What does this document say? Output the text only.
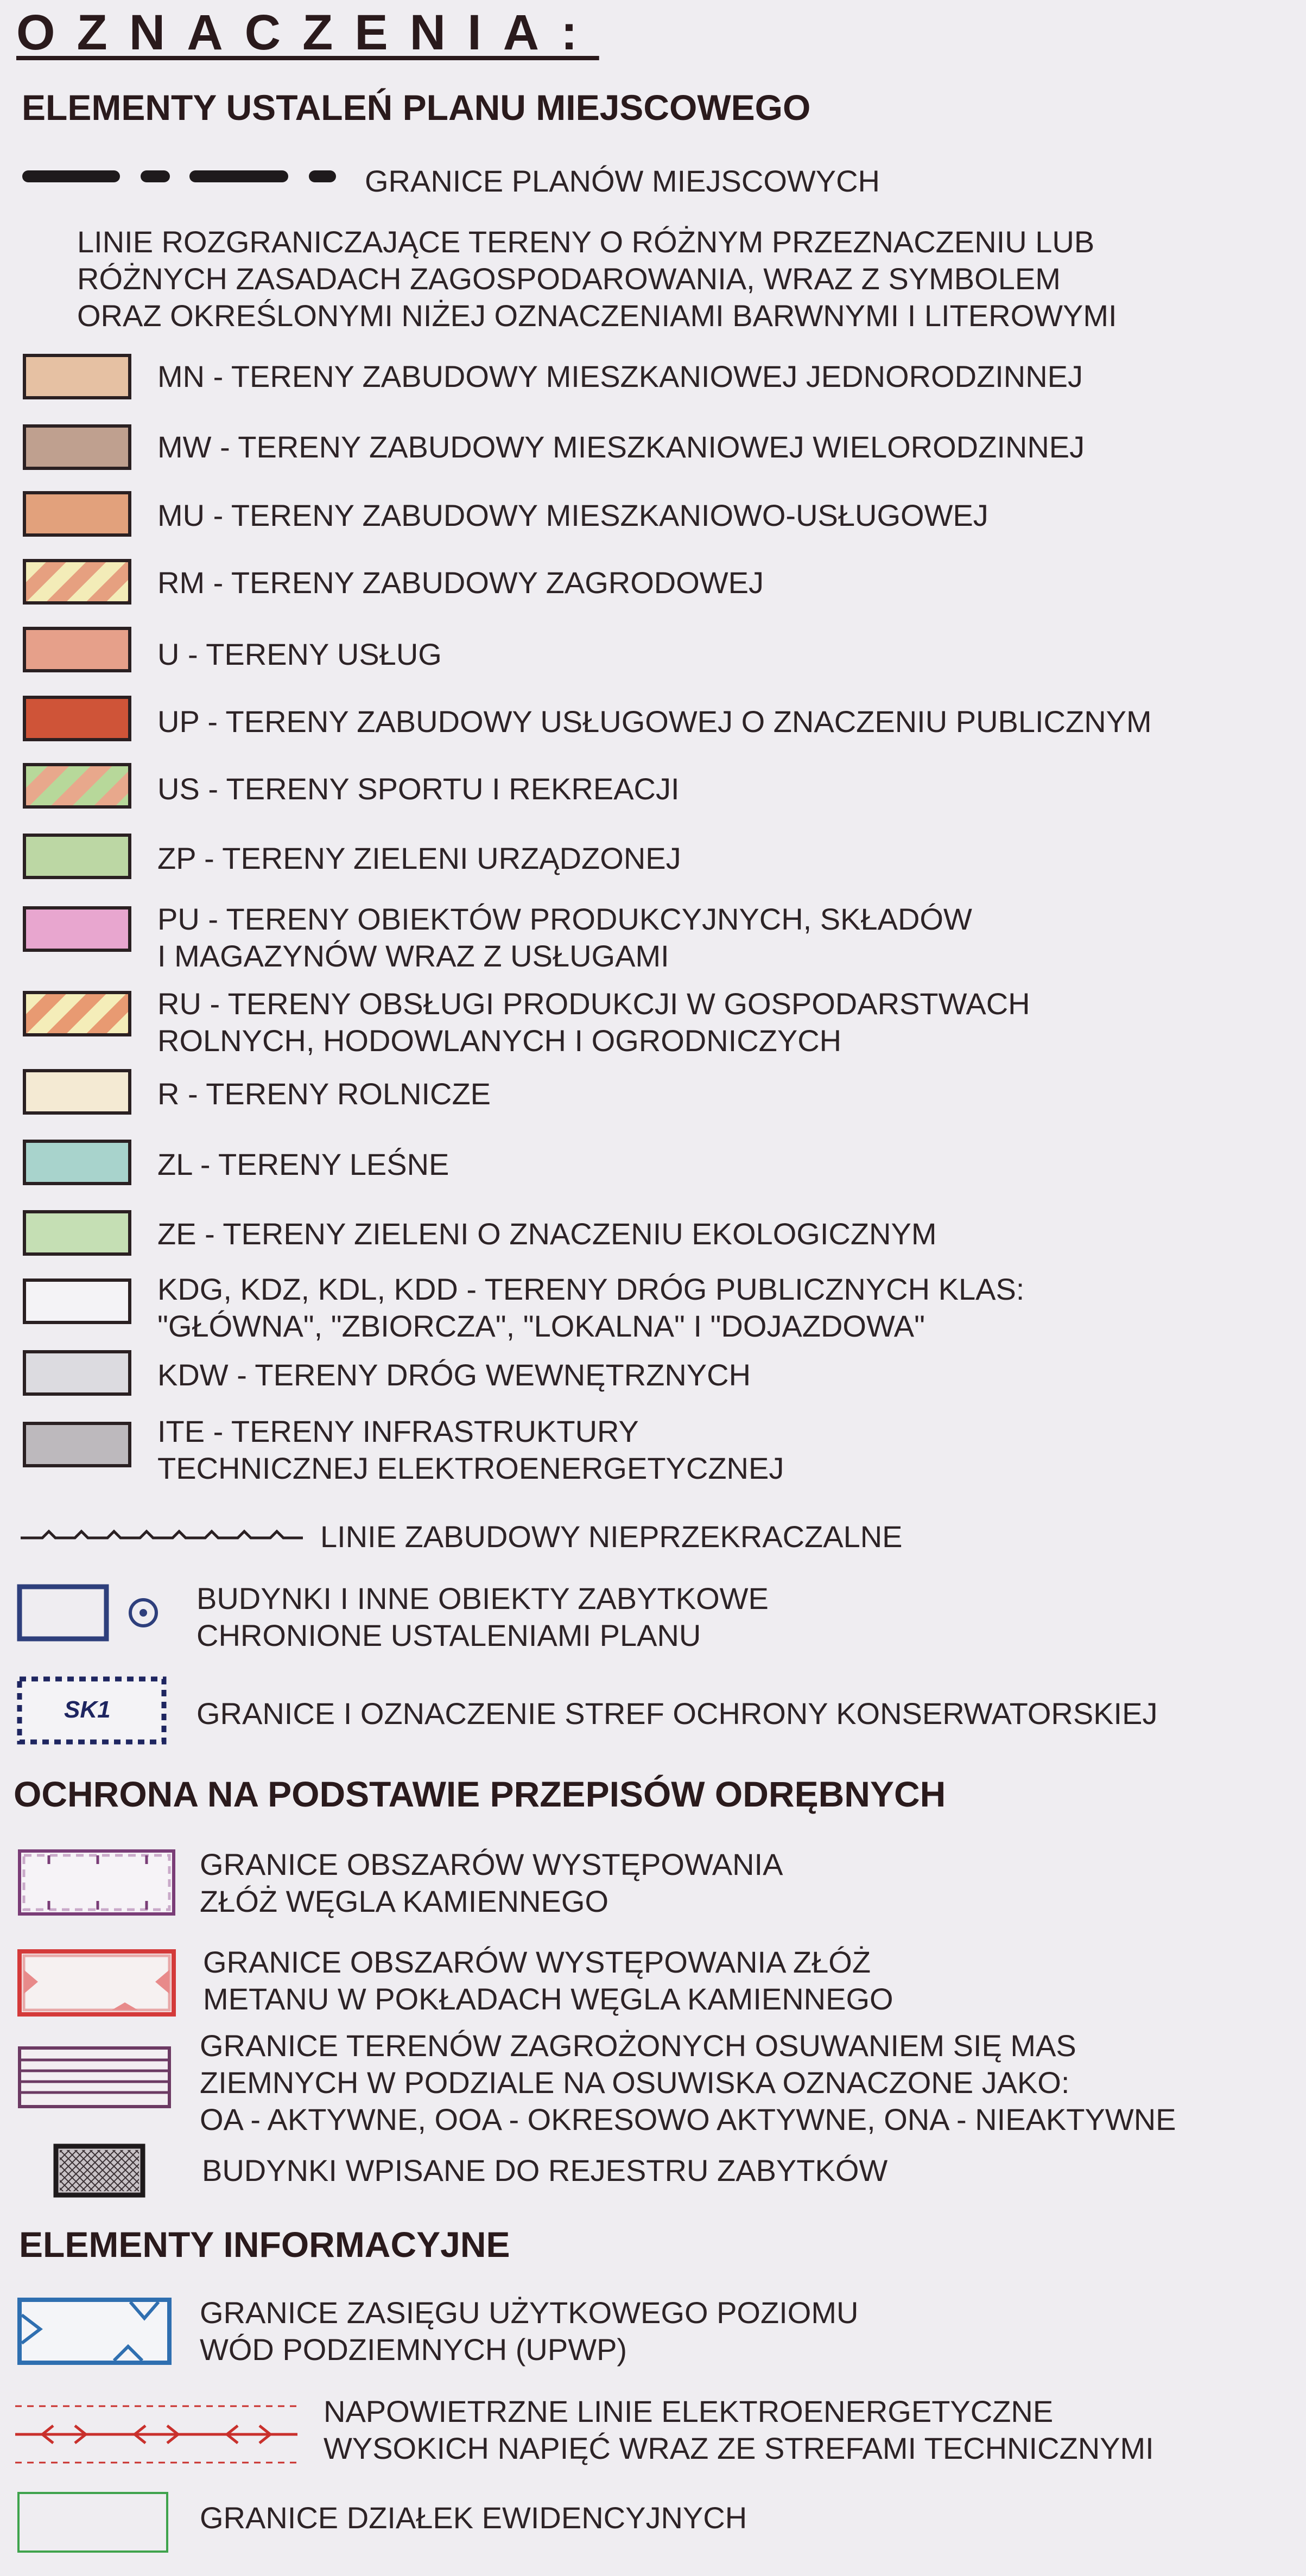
OZNACZENIA:
ELEMENTY USTALEŃ PLANU MIEJSCOWEGO
GRANICE PLANÓW MIEJSCOWYCH
LINIE ROZGRANICZAJĄCE TERENY O RÓŻNYM PRZEZNACZENIU LUB
RÓŻNYCH ZASADACH ZAGOSPODAROWANIA, WRAZ Z SYMBOLEM
ORAZ OKREŚLONYMI NIŻEJ OZNACZENIAMI BARWNYMI I LITEROWYMI
MN - TERENY ZABUDOWY MIESZKANIOWEJ JEDNORODZINNEJ
MW - TERENY ZABUDOWY MIESZKANIOWEJ WIELORODZINNEJ
MU - TERENY ZABUDOWY MIESZKANIOWO-USŁUGOWEJ
RM - TERENY ZABUDOWY ZAGRODOWEJ
U - TERENY USŁUG
UP - TERENY ZABUDOWY USŁUGOWEJ O ZNACZENIU PUBLICZNYM
US - TERENY SPORTU I REKREACJI
ZP - TERENY ZIELENI URZĄDZONEJ
PU - TERENY OBIEKTÓW PRODUKCYJNYCH, SKŁADÓW
I MAGAZYNÓW WRAZ Z USŁUGAMI
RU - TERENY OBSŁUGI PRODUKCJI W GOSPODARSTWACH
ROLNYCH, HODOWLANYCH I OGRODNICZYCH
R - TERENY ROLNICZE
ZL - TERENY LEŚNE
ZE - TERENY ZIELENI O ZNACZENIU EKOLOGICZNYM
KDG, KDZ, KDL, KDD - TERENY DRÓG PUBLICZNYCH KLAS:
"GŁÓWNA", "ZBIORCZA", "LOKALNA" I "DOJAZDOWA"
KDW - TERENY DRÓG WEWNĘTRZNYCH
ITE - TERENY INFRASTRUKTURY
TECHNICZNEJ ELEKTROENERGETYCZNEJ
LINIE ZABUDOWY NIEPRZEKRACZALNE
BUDYNKI I INNE OBIEKTY ZABYTKOWE
CHRONIONE USTALENIAMI PLANU
SK1	GRANICE I OZNACZENIE STREF OCHRONY KONSERWATORSKIEJ
OCHRONA NA PODSTAWIE PRZEPISÓW ODRĘBNYCH
GRANICE OBSZARÓW WYSTĘPOWANIA
ZŁÓŻ WĘGLA KAMIENNEGO
GRANICE OBSZARÓW WYSTĘPOWANIA ZŁÓŻ
METANU W POKŁADACH WĘGLA KAMIENNEGO
GRANICE TERENÓW ZAGROŻONYCH OSUWANIEM SIĘ MAS
ZIEMNYCH W PODZIALE NA OSUWISKA OZNACZONE JAKO:
OA - AKTYWNE, OOA - OKRESOWO AKTYWNE, ONA - NIEAKTYWNE
BUDYNKI WPISANE DO REJESTRU ZABYTKÓW
ELEMENTY INFORMACYJNE
GRANICE ZASIĘGU UŻYTKOWEGO POZIOMU
WÓD PODZIEMNYCH (UPWP)
NAPOWIETRZNE LINIE ELEKTROENERGETYCZNE
WYSOKICH NAPIĘĆ WRAZ ZE STREFAMI TECHNICZNYMI
GRANICE DZIAŁEK EWIDENCYJNYCH
